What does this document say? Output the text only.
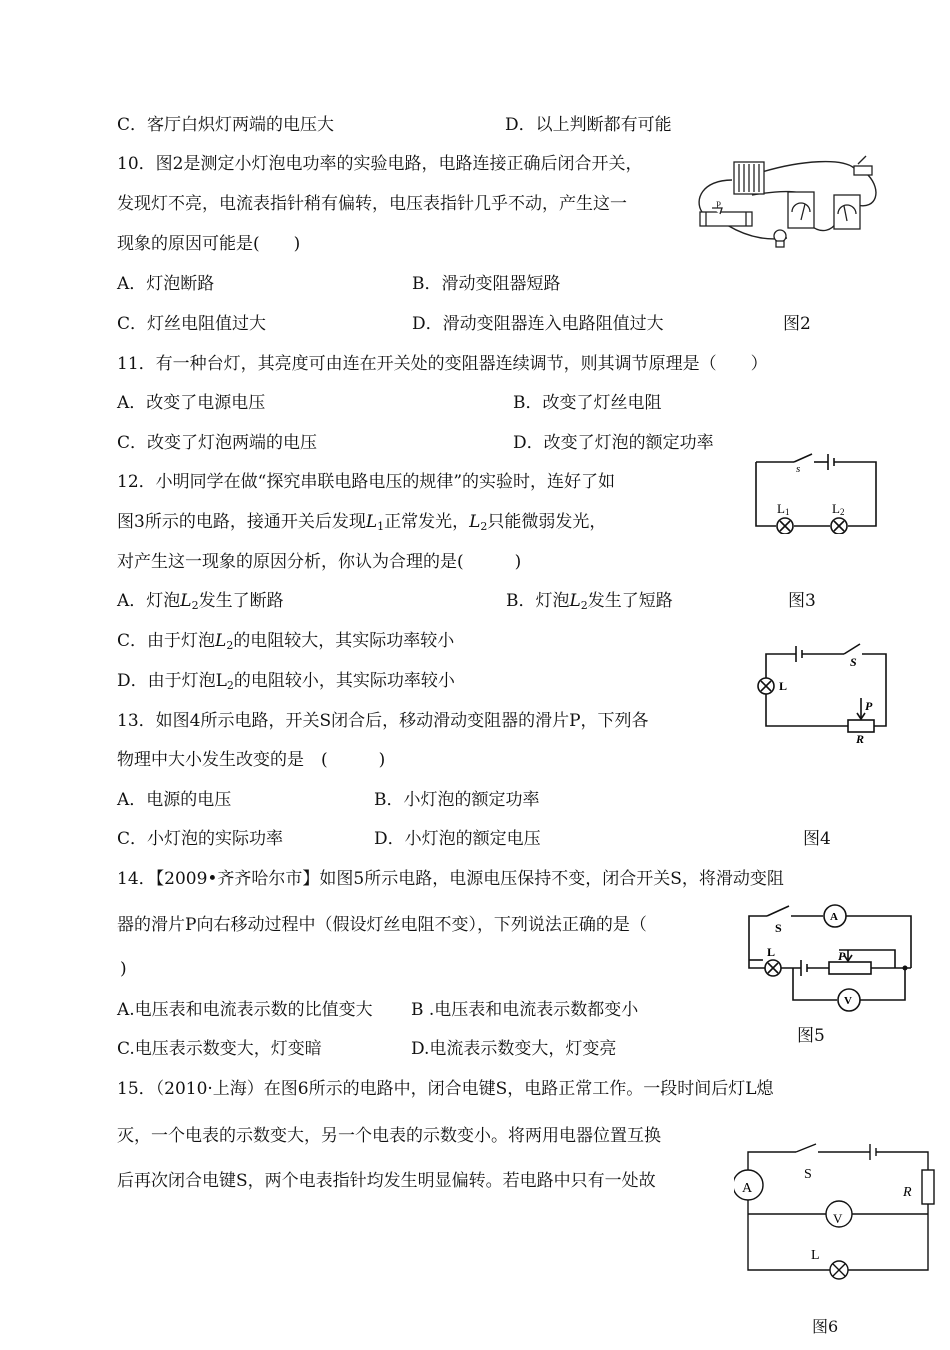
C．客厅白炽灯两端的电压大	D．以上判断都有可能
10．图2是测定小灯泡电功率的实验电路，电路连接正确后闭合开关，
发现灯不亮，电流表指针稍有偏转，电压表指针几乎不动，产生这一
现象的原因可能是(　　)
A．灯泡断路	B．滑动变阻器短路
C．灯丝电阻值过大	D．滑动变阻器连入电路阻值过大	图2
P
11．有一种台灯，其亮度可由连在开关处的变阻器连续调节，则其调节原理是（　　）
A．改变了电源电压	B．改变了灯丝电阻
C．改变了灯泡两端的电压	D．改变了灯泡的额定功率
12．小明同学在做“探究串联电路电压的规律”的实验时，连好了如
图3所示的电路，接通开关后发现$L_1$正常发光，$L_2$只能微弱发光，
对产生这一现象的原因分析，你认为合理的是(　　　)
A．灯泡$L_2$发生了断路	B．灯泡$L_2$发生了短路	图3
C．由于灯泡$L_2$的电阻较大，其实际功率较小
D．由于灯泡$L_2$的电阻较小，其实际功率较小
s
L1	L2
S
L
P
R
13．如图4所示电路，开关S闭合后，移动滑动变阻器的滑片P，下列各
物理中大小发生改变的是　(　　　)
A．电源的电压	B．小灯泡的额定功率
C．小灯泡的实际功率	D．小灯泡的额定电压	图4
14．【2009•齐齐哈尔市】如图5所示电路，电源电压保持不变，闭合开关S，将滑动变阻
器的滑片P向右移动过程中（假设灯丝电阻不变），下列说法正确的是（
)
A.电压表和电流表示数的比值变大 B .电压表和电流表示数都变小
C.电压表示数变大，灯变暗	D.电流表示数变大，灯变亮
图5
S
A
L	P
V
15．（2010·上海）在图6所示的电路中，闭合电键S，电路正常工作。一段时间后灯L熄
灭，一个电表的示数变大，另一个电表的示数变小。将两用电器位置互换
后再次闭合电键S，两个电表指针均发生明显偏转。若电路中只有一处故	S
A	R
V
L
图6
